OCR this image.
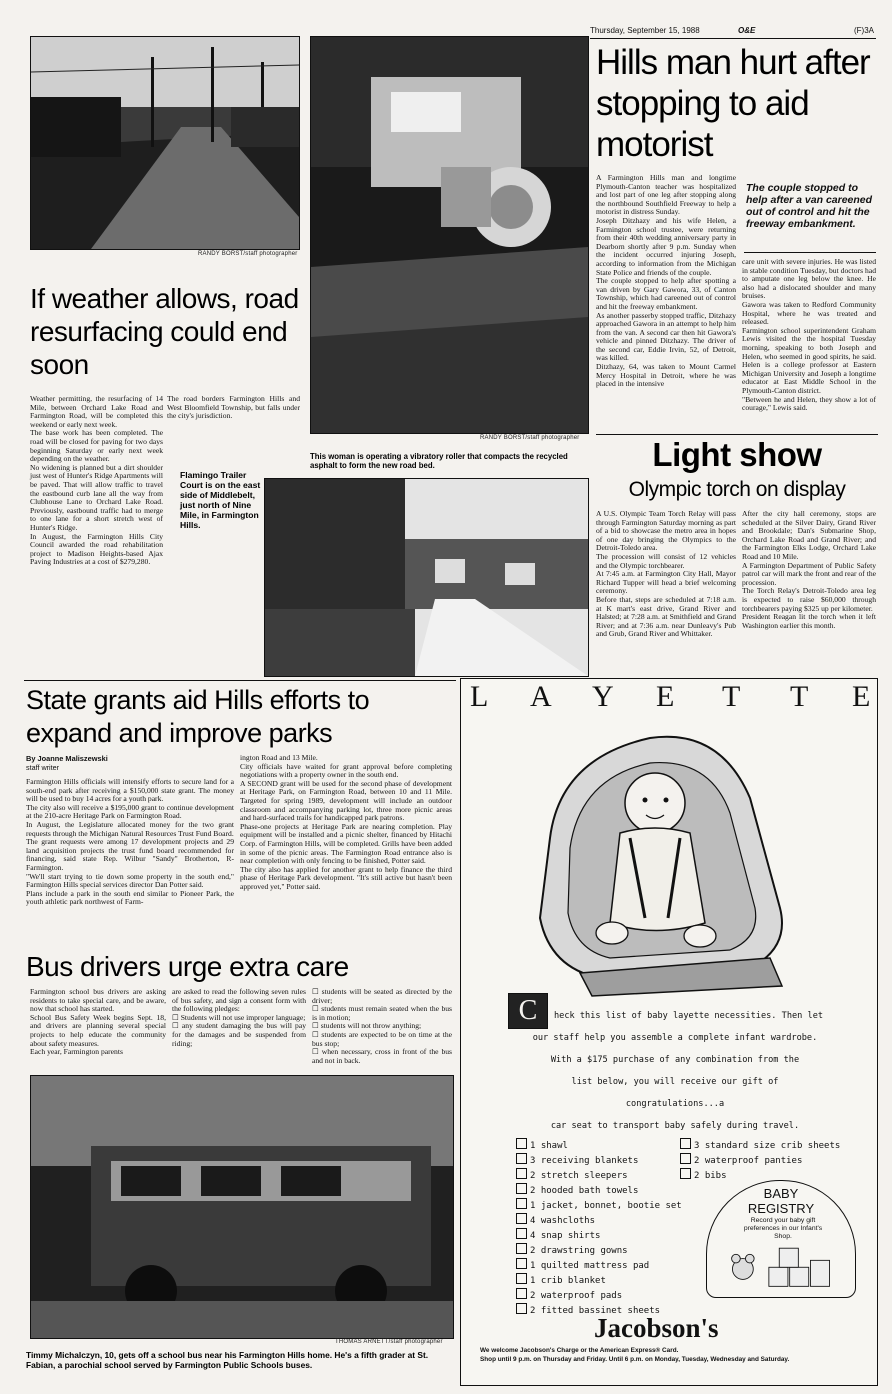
Thursday, September 15, 1988	O&E	(F)3A
RANDY BORST/staff photographer
If weather allows, road resurfacing could end soon
RANDY BORST/staff photographer
Weather permitting, the resurfacing of 14 Mile, between Orchard Lake Road and Farmington Road, will be completed this weekend or early next week.
The base work has been completed. The road will be closed for paving for two days beginning Saturday or early next week depending on the weather.
No widening is planned but a dirt shoulder just west of Hunter's Ridge Apartments will be paved. That will allow traffic to travel the eastbound curb lane all the way from Clubhouse Lane to Orchard Lake Road. Previously, eastbound traffic had to merge to one lane for a short stretch west of Hunter's Ridge.
In August, the Farmington Hills City Council awarded the road rehabilitation project to Madison Heights-based Ajax Paving Industries at a cost of $279,280.
The road borders Farmington Hills and West Bloomfield Township, but falls under the city's jurisdiction.
This woman is operating a vibratory roller that compacts the recycled asphalt to form the new road bed.
Flamingo Trailer Court is on the east side of Middlebelt, just north of Nine Mile, in Farmington Hills.
Hills man hurt after stopping to aid motorist
A Farmington Hills man and longtime Plymouth-Canton teacher was hospitalized and lost part of one leg after stopping along the northbound Southfield Freeway to help a motorist in distress Sunday.
Joseph Ditzhazy and his wife Helen, a Farmington school trustee, were returning from their 40th wedding anniversary party in Dearborn shortly after 9 p.m. Sunday when the incident occurred injuring Joseph, according to information from the Michigan State Police and friends of the couple.
The couple stopped to help after spotting a van driven by Gary Gawora, 33, of Canton Township, which had careened out of control and hit the freeway embankment.
As another passerby stopped traffic, Ditzhazy approached Gawora in an attempt to help him from the van. A second car then hit Gawora's vehicle and pinned Ditzhazy. The driver of the second car, Eddie Irvin, 52, of Detroit, was killed.
Ditzhazy, 64, was taken to Mount Carmel Mercy Hospital in Detroit, where he was placed in the intensive
The couple stopped to help after a van careened out of control and hit the freeway embankment.
care unit with severe injuries. He was listed in stable condition Tuesday, but doctors had to amputate one leg below the knee. He also had a dislocated shoulder and many bruises.
Gawora was taken to Redford Community Hospital, where he was treated and released.
Farmington school superintendent Graham Lewis visited the the hospital Tuesday morning, speaking to both Joseph and Helen, who seemed in good spirits, he said. Helen is a college professor at Eastern Michigan University and Joseph a longtime educator at East Middle School in the Plymouth-Canton district.
"Between he and Helen, they show a lot of courage," Lewis said.
Light show
Olympic torch on display
A U.S. Olympic Team Torch Relay will pass through Farmington Saturday morning as part of a bid to showcase the metro area in hopes of one day bringing the Olympics to the Detroit-Toledo area.
The procession will consist of 12 vehicles and the Olympic torchbearer.
At 7:45 a.m. at Farmington City Hall, Mayor Richard Tupper will head a brief welcoming ceremony.
Before that, steps are scheduled at 7:18 a.m. at K mart's east drive, Grand River and Halsted; at 7:28 a.m. at Smithfield and Grand River; and at 7:36 a.m. near Dunleavy's Pub and Grub, Grand River and Whittaker.
After the city hall ceremony, stops are scheduled at the Silver Dairy, Grand River and Brookdale; Dan's Submarine Shop, Orchard Lake Road and Grand River; and the Farmington Elks Lodge, Orchard Lake Road and 10 Mile.
A Farmington Department of Public Safety patrol car will mark the front and rear of the procession.
The Torch Relay's Detroit-Toledo area leg is expected to raise $60,000 through torchbearers paying $325 up per kilometer.
President Reagan lit the torch when it left Washington earlier this month.
State grants aid Hills efforts to expand and improve parks
By Joanne Maliszewski
staff writer
Farmington Hills officials will intensify efforts to secure land for a south-end park after receiving a $150,000 state grant. The money will be used to buy 14 acres for a youth park.
The city also will receive a $195,000 grant to continue development at the 210-acre Heritage Park on Farmington Road.
In August, the Legislature allocated money for the two grant requests through the Michigan Natural Resources Trust Fund Board.
The grant requests were among 17 development projects and 29 land acquisition projects the trust fund board recommended for financing, said state Rep. Wilbur "Sandy" Brotherton, R-Farmington.
"We'll start trying to tie down some property in the south end," Farmington Hills special services director Dan Potter said.
Plans include a park in the south end similar to Pioneer Park, the youth athletic park northwest of Farm-
ington Road and 13 Mile.
City officials have waited for grant approval before completing negotiations with a property owner in the south end.
A SECOND grant will be used for the second phase of development at Heritage Park, on Farmington Road, between 10 and 11 Mile. Targeted for spring 1989, development will include an outdoor classroom and accompanying parking lot, three more picnic areas and hard-surfaced trails for handicapped park patrons.
Phase-one projects at Heritage Park are nearing completion. Play equipment will be installed and a picnic shelter, financed by Hitachi Corp. of Farmington Hills, will be completed. Grills have been added in some of the picnic areas. The Farmington Road entrance also is near completion with only fencing to be finished, Potter said.
The city also has applied for another grant to help finance the third phase of Heritage Park development. "It's still active but hasn't been approved yet," Potter said.
Bus drivers urge extra care
Farmington school bus drivers are asking residents to take special care, and be aware, now that school has started.
School Bus Safety Week begins Sept. 18, and drivers are planning several special projects to help educate the community about safety measures.
Each year, Farmington parents
are asked to read the following seven rules of bus safety, and sign a consent form with the following pledges:
☐ Students will not use improper language;
☐ any student damaging the bus will pay for the damages and be suspended from riding;
☐ students will be seated as directed by the driver;
☐ students must remain seated when the bus is in motion;
☐ students will not throw anything;
☐ students are expected to be on time at the bus stop;
☐ when necessary, cross in front of the bus and not in back.
THOMAS ARNETT/staff photographer
Timmy Michalczyn, 10, gets off a school bus near his Farmington Hills home. He's a fifth grader at St. Fabian, a parochial school served by Farmington Public Schools buses.
L A Y E T T E
C	heck this list of baby layette necessities. Then let
our staff help you assemble a complete infant wardrobe.
With a $175 purchase of any combination from the
list below, you will receive our gift of congratulations...a
car seat to transport baby safely during travel.
1 shawl
3 receiving blankets
2 stretch sleepers
2 hooded bath towels
1 jacket, bonnet, bootie set
4 washcloths
4 snap shirts
2 drawstring gowns
1 quilted mattress pad
1 crib blanket
2 waterproof pads
2 fitted bassinet sheets
3 standard size crib sheets
2 waterproof panties
2 bibs
BABY
REGISTRY
Record your baby gift preferences in our Infant's Shop.
Jacobson's
We welcome Jacobson's Charge or the American Express® Card.
Shop until 9 p.m. on Thursday and Friday. Until 6 p.m. on Monday, Tuesday, Wednesday and Saturday.
